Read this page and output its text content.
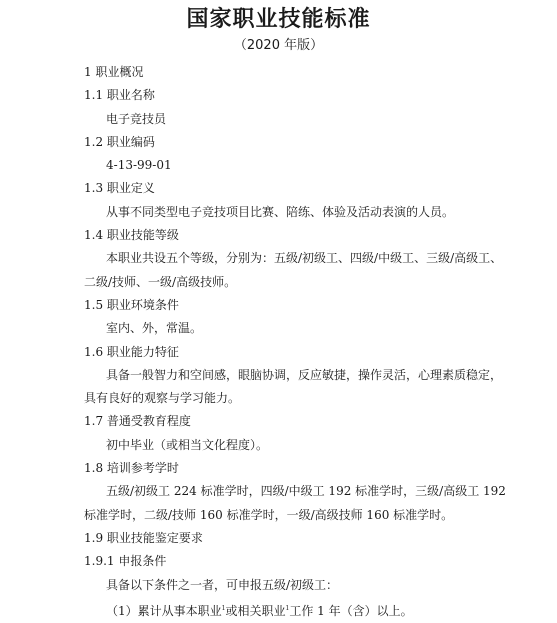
国家职业技能标准
（2020 年版）
1 职业概况
1.1 职业名称
电子竞技员
1.2 职业编码
4-13-99-01
1.3 职业定义
从事不同类型电子竞技项目比赛、陪练、体验及活动表演的人员。
1.4 职业技能等级
本职业共设五个等级，分别为：五级/初级工、四级/中级工、三级/高级工、
二级/技师、一级/高级技师。
1.5 职业环境条件
室内、外，常温。
1.6 职业能力特征
具备一般智力和空间感，眼脑协调，反应敏捷，操作灵活，心理素质稳定，
具有良好的观察与学习能力。
1.7 普通受教育程度
初中毕业（或相当文化程度）。
1.8 培训参考学时
五级/初级工 224 标准学时，四级/中级工 192 标准学时，三级/高级工 192
标准学时，二级/技师 160 标准学时，一级/高级技师 160 标准学时。
1.9 职业技能鉴定要求
1.9.1 申报条件
具备以下条件之一者，可申报五级/初级工：
（1）累计从事本职业$^1$或相关职业$^1$工作 1 年（含）以上。
